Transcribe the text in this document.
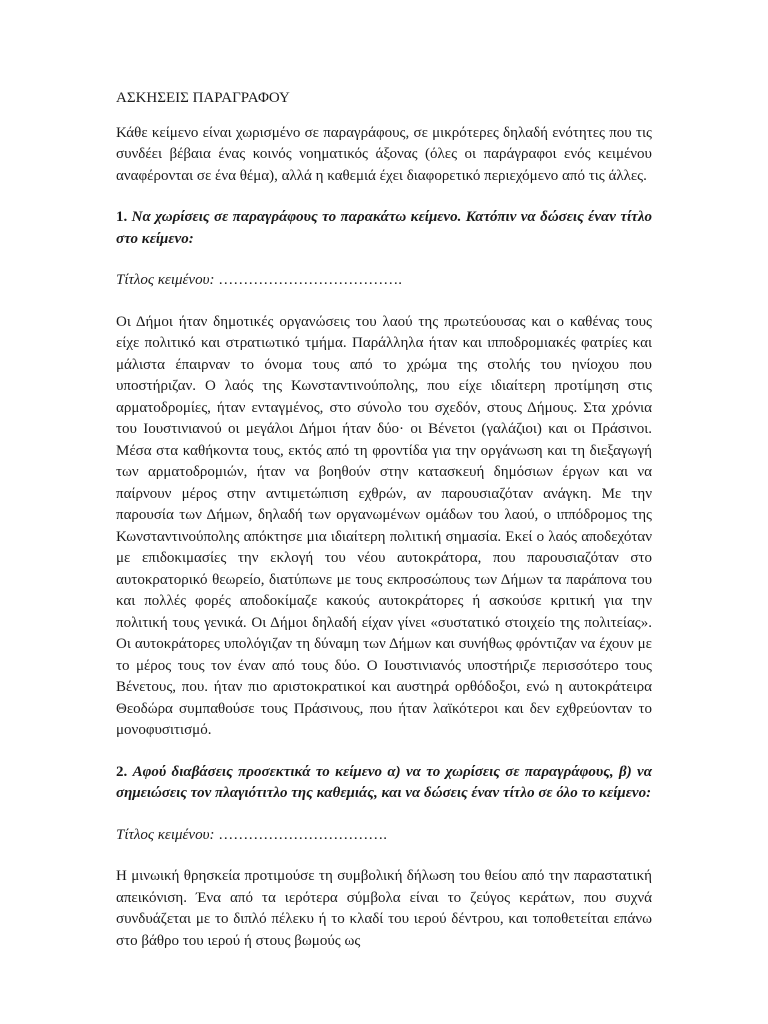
ΑΣΚΗΣΕΙΣ ΠΑΡΑΓΡΑΦΟΥ

Κάθε κείμενο είναι χωρισμένο σε παραγράφους, σε μικρότερες δηλαδή ενότητες που τις συνδέει βέβαια ένας κοινός νοηματικός άξονας (όλες οι παράγραφοι ενός κειμένου αναφέρονται σε ένα θέμα), αλλά η καθεμιά έχει διαφορετικό περιεχόμενο από τις άλλες.

1. Να χωρίσεις σε παραγράφους το παρακάτω κείμενο. Κατόπιν να δώσεις έναν τίτλο στο κείμενο:

Τίτλος κειμένου: ……………………………….

Οι Δήμοι ήταν δημοτικές οργανώσεις του λαού της πρωτεύουσας και ο καθένας τους είχε πολιτικό και στρατιωτικό τμήμα. Παράλληλα ήταν και ιπποδρομιακές φατρίες και μάλιστα έπαιρναν το όνομα τους από το χρώμα της στολής του ηνίοχου που υποστήριζαν. Ο λαός της Κωνσταντινούπολης, που είχε ιδιαίτερη προτίμηση στις αρματοδρομίες, ήταν ενταγμένος, στο σύνολο του σχεδόν, στους Δήμους. Στα χρόνια του Ιουστινιανού οι μεγάλοι Δήμοι ήταν δύο· οι Βένετοι (γαλάζιοι) και οι Πράσινοι. Μέσα στα καθήκοντα τους, εκτός από τη φροντίδα για την οργάνωση και τη διεξαγωγή των αρματοδρομιών, ήταν να βοηθούν στην κατασκευή δημόσιων έργων και να παίρνουν μέρος στην αντιμετώπιση εχθρών, αν παρουσιαζόταν ανάγκη. Με την παρουσία των Δήμων, δηλαδή των οργανωμένων ομάδων του λαού, ο ιππόδρομος της Κωνσταντινούπολης απόκτησε μια ιδιαίτερη πολιτική σημασία. Εκεί ο λαός αποδεχόταν με επιδοκιμασίες την εκλογή του νέου αυτοκράτορα, που παρουσιαζόταν στο αυτοκρατορικό θεωρείο, διατύπωνε με τους εκπροσώπους των Δήμων τα παράπονα του και πολλές φορές αποδοκίμαζε κακούς αυτοκράτορες ή ασκούσε κριτική για την πολιτική τους γενικά. Οι Δήμοι δηλαδή είχαν γίνει «συστατικό στοιχείο της πολιτείας». Οι αυτοκράτορες υπολόγιζαν τη δύναμη των Δήμων και συνήθως φρόντιζαν να έχουν με το μέρος τους τον έναν από τους δύο. Ο Ιουστινιανός υποστήριζε περισσότερο τους Βένετους, που. ήταν πιο αριστοκρατικοί και αυστηρά ορθόδοξοι, ενώ η αυτοκράτειρα Θεοδώρα συμπαθούσε τους Πράσινους, που ήταν λαϊκότεροι και δεν εχθρεύονταν το μονοφυσιτισμό.

2. Αφού διαβάσεις προσεκτικά το κείμενο α) να το χωρίσεις σε παραγράφους, β) να σημειώσεις τον πλαγιότιτλο της καθεμιάς, και να δώσεις έναν τίτλο σε όλο το κείμενο:

Τίτλος κειμένου: …………………………….

Η μινωική θρησκεία προτιμούσε τη συμβολική δήλωση του θείου από την παραστατική απεικόνιση. Ένα από τα ιερότερα σύμβολα είναι το ζεύγος κεράτων, που συχνά συνδυάζεται με το διπλό πέλεκυ ή το κλαδί του ιερού δέντρου, και τοποθετείται επάνω στο βάθρο του ιερού ή στους βωμούς ως
